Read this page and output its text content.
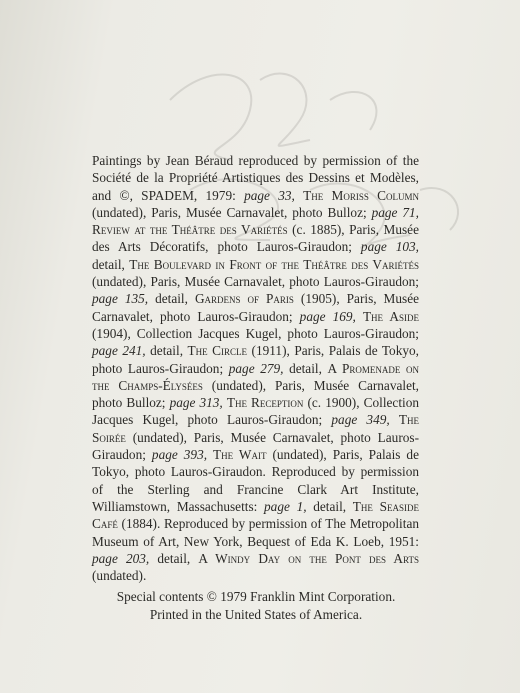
Paintings by Jean Béraud reproduced by permission of the Société de la Propriété Artistiques des Dessins et Modèles, and ©, SPADEM, 1979: page 33, The Moriss Column (undated), Paris, Musée Carnavalet, photo Bulloz; page 71, Review at the Théâtre des Variétés (c. 1885), Paris, Musée des Arts Décoratifs, photo Lauros-Giraudon; page 103, detail, The Boulevard in Front of the Théâtre des Variétés (undated), Paris, Musée Carnavalet, photo Lauros-Giraudon; page 135, detail, Gardens of Paris (1905), Paris, Musée Carnavalet, photo Lauros-Giraudon; page 169, The Aside (1904), Collection Jacques Kugel, photo Lauros-Giraudon; page 241, detail, The Circle (1911), Paris, Palais de Tokyo, photo Lauros-Giraudon; page 279, detail, A Promenade on the Champs-Élysées (undated), Paris, Musée Carnavalet, photo Bulloz; page 313, The Reception (c. 1900), Collection Jacques Kugel, photo Lauros-Giraudon; page 349, The Soirée (undated), Paris, Musée Carnavalet, photo Lauros-Giraudon; page 393, The Wait (undated), Paris, Palais de Tokyo, photo Lauros-Giraudon. Reproduced by permission of the Sterling and Francine Clark Art Institute, Williamstown, Massachusetts: page 1, detail, The Seaside Café (1884). Reproduced by permission of The Metropolitan Museum of Art, New York, Bequest of Eda K. Loeb, 1951: page 203, detail, A Windy Day on the Pont des Arts (undated).

Special contents © 1979 Franklin Mint Corporation.
Printed in the United States of America.
